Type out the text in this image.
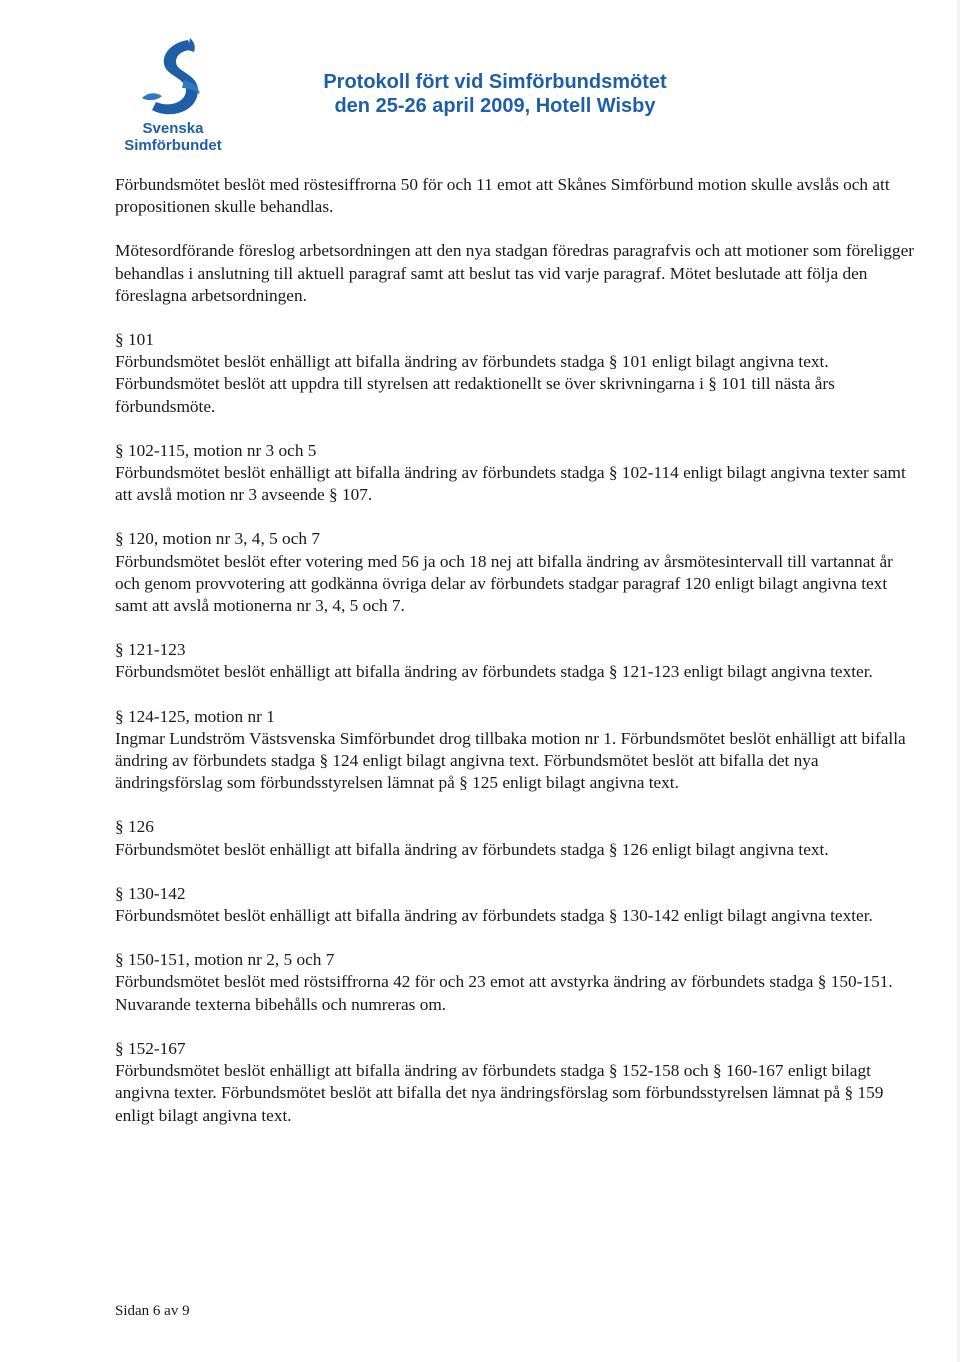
Svenska
Simförbundet
Protokoll fört vid Simförbundsmötet
den 25-26 april 2009, Hotell Wisby

Förbundsmötet beslöt med röstesiffrorna 50 för och 11 emot att Skånes Simförbund motion skulle avslås och att propositionen skulle behandlas.

Mötesordförande föreslog arbetsordningen att den nya stadgan föredras paragrafvis och att motioner som föreligger behandlas i anslutning till aktuell paragraf samt att beslut tas vid varje paragraf. Mötet beslutade att följa den föreslagna arbetsordningen.

§ 101
Förbundsmötet beslöt enhälligt att bifalla ändring av förbundets stadga § 101 enligt bilagt angivna text. Förbundsmötet beslöt att uppdra till styrelsen att redaktionellt se över skrivningarna i § 101 till nästa års förbundsmöte.
§ 102-115, motion nr 3 och 5
Förbundsmötet beslöt enhälligt att bifalla ändring av förbundets stadga § 102-114 enligt bilagt angivna texter samt att avslå motion nr 3 avseende § 107.
§ 120, motion nr 3, 4, 5 och 7
Förbundsmötet beslöt efter votering med 56 ja och 18 nej att bifalla ändring av årsmötesintervall till vartannat år och genom provvotering att godkänna övriga delar av förbundets stadgar paragraf 120 enligt bilagt angivna text samt att avslå motionerna nr 3, 4, 5 och 7.
§ 121-123
Förbundsmötet beslöt enhälligt att bifalla ändring av förbundets stadga § 121-123 enligt bilagt angivna texter.
§ 124-125, motion nr 1
Ingmar Lundström Västsvenska Simförbundet drog tillbaka motion nr 1. Förbundsmötet beslöt enhälligt att bifalla ändring av förbundets stadga § 124 enligt bilagt angivna text. Förbundsmötet beslöt att bifalla det nya ändringsförslag som förbundsstyrelsen lämnat på § 125 enligt bilagt angivna text.
§ 126
Förbundsmötet beslöt enhälligt att bifalla ändring av förbundets stadga § 126 enligt bilagt angivna text.
§ 130-142
Förbundsmötet beslöt enhälligt att bifalla ändring av förbundets stadga § 130-142 enligt bilagt angivna texter.
§ 150-151, motion nr 2, 5 och 7
Förbundsmötet beslöt med röstsiffrorna 42 för och 23 emot att avstyrka ändring av förbundets stadga § 150-151. Nuvarande texterna bibehålls och numreras om.
§ 152-167
Förbundsmötet beslöt enhälligt att bifalla ändring av förbundets stadga § 152-158 och § 160-167 enligt bilagt angivna texter. Förbundsmötet beslöt att bifalla det nya ändringsförslag som förbundsstyrelsen lämnat på § 159 enligt bilagt angivna text.
Sidan 6 av 9
